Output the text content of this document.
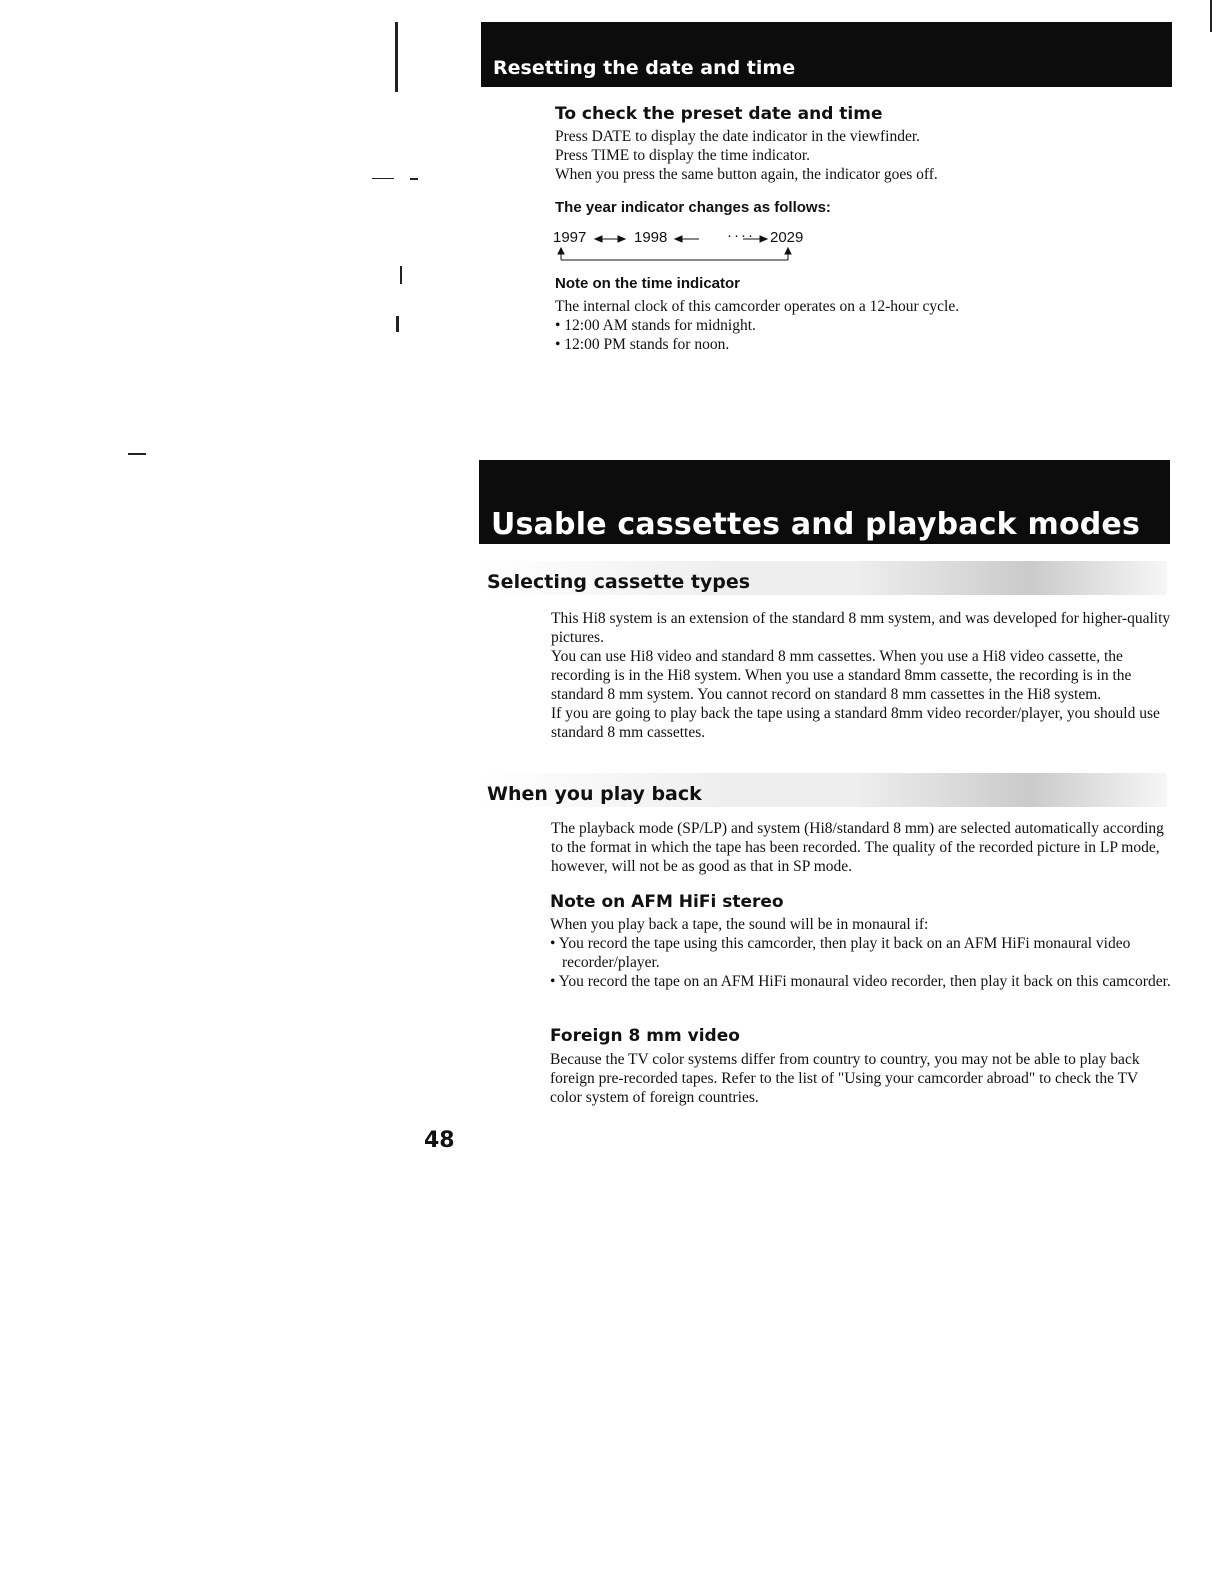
Resetting the date and time
To check the preset date and time

Press DATE to display the date indicator in the viewfinder.

Press TIME to display the time indicator.

When you press the same button again, the indicator goes off.

The year indicator changes as follows:
1997	1998	···· 2029
Note on the time indicator

The internal clock of this camcorder operates on a 12-hour cycle.

• 12:00 AM stands for midnight.

• 12:00 PM stands for noon.

Usable cassettes and playback modes
Selecting cassette types

This Hi8 system is an extension of the standard 8 mm system, and was developed for higher-quality pictures.

You can use Hi8 video and standard 8 mm cassettes. When you use a Hi8 video cassette, the recording is in the Hi8 system. When you use a standard 8mm cassette, the recording is in the standard 8 mm system. You cannot record on standard 8 mm cassettes in the Hi8 system.

If you are going to play back the tape using a standard 8mm video recorder/player, you should use standard 8 mm cassettes.

When you play back

The playback mode (SP/LP) and system (Hi8/standard 8 mm) are selected automatically according to the format in which the tape has been recorded. The quality of the recorded picture in LP mode, however, will not be as good as that in SP mode.

Note on AFM HiFi stereo

When you play back a tape, the sound will be in monaural if:

• You record the tape using this camcorder, then play it back on an AFM HiFi monaural video recorder/player.
• You record the tape on an AFM HiFi monaural video recorder, then play it back on this camcorder.
Foreign 8 mm video

Because the TV color systems differ from country to country, you may not be able to play back foreign pre-recorded tapes. Refer to the list of "Using your camcorder abroad" to check the TV color system of foreign countries.

48
